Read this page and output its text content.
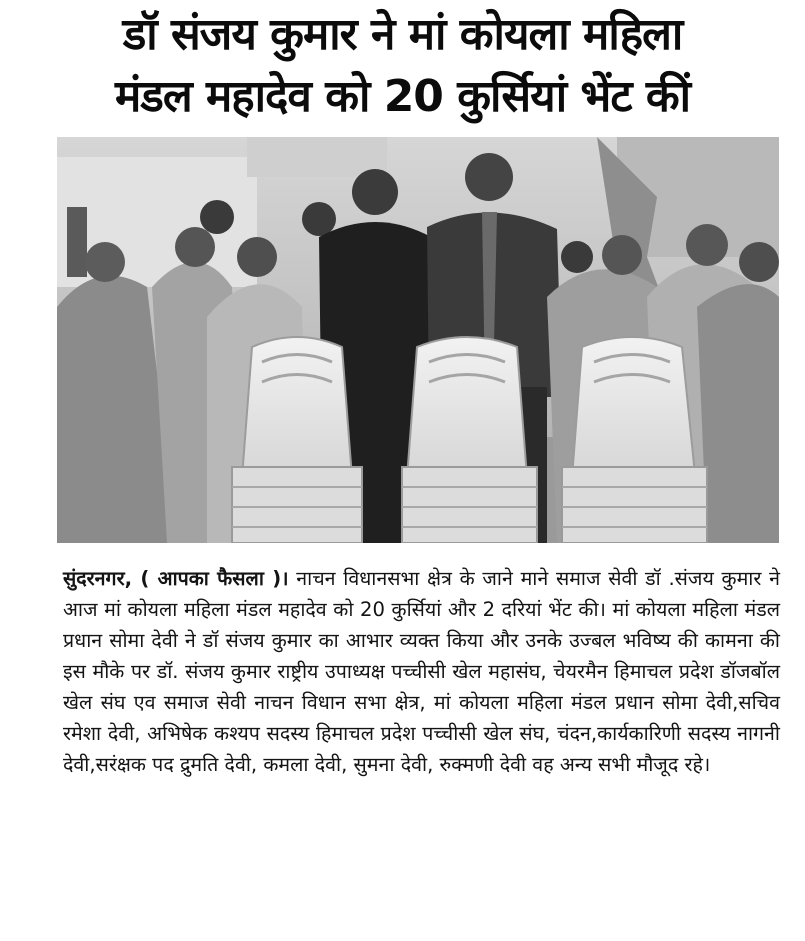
डॉ संजय कुमार ने मां कोयला महिला
मंडल महादेव को 20 कुर्सियां भेंट कीं
सुंदरनगर, ( आपका फैसला )। नाचन विधानसभा क्षेत्र के जाने माने समाज सेवी डॉ .संजय कुमार ने आज मां कोयला महिला मंडल महादेव को 20 कुर्सियां और 2 दरियां भेंट की। मां कोयला महिला मंडल प्रधान सोमा देवी ने डॉ संजय कुमार का आभार व्यक्त किया और उनके उज्बल भविष्य की कामना की इस मौके पर डॉ. संजय कुमार राष्ट्रीय उपाध्यक्ष पच्चीसी खेल महासंघ, चेयरमैन हिमाचल प्रदेश डॉजबॉल खेल संघ एव समाज सेवी नाचन विधान सभा क्षेत्र, मां कोयला महिला मंडल प्रधान सोमा देवी,सचिव रमेशा देवी, अभिषेक कश्यप सदस्य हिमाचल प्रदेश पच्चीसी खेल संघ, चंदन,कार्यकारिणी सदस्य नागनी देवी,सरंक्षक पद द्रुमति देवी, कमला देवी, सुमना देवी, रुक्मणी देवी वह अन्य सभी मौजूद रहे।
